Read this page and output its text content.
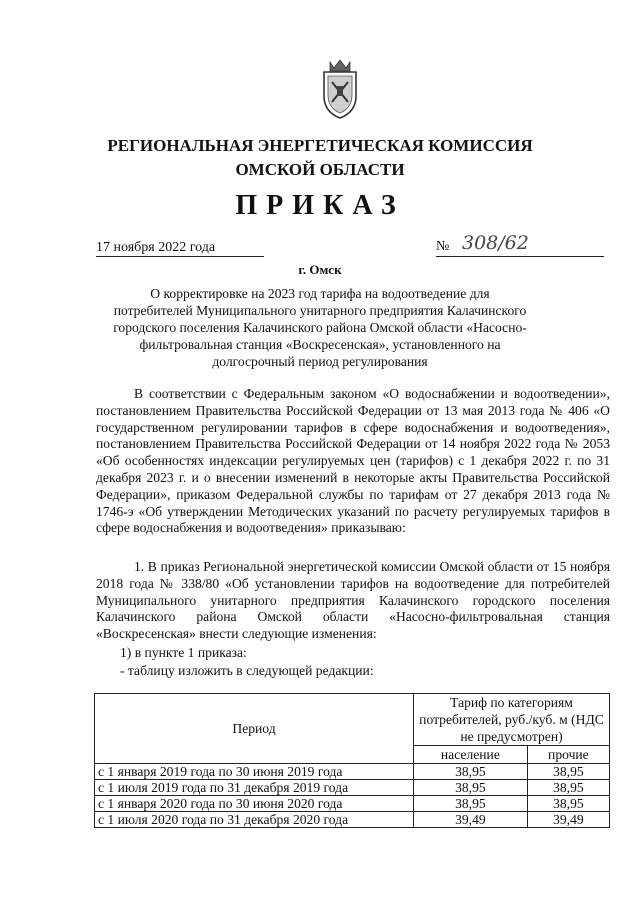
РЕГИОНАЛЬНАЯ ЭНЕРГЕТИЧЕСКАЯ КОМИССИЯ
ОМСКОЙ ОБЛАСТИ
ПРИКАЗ
17 ноября 2022 года	№ 308/62
г. Омск
О корректировке на 2023 год тарифа на водоотведение для потребителей Муниципального унитарного предприятия Калачинского городского поселения Калачинского района Омской области «Насосно-фильтровальная станция «Воскресенская», установленного на долгосрочный период регулирования
В соответствии с Федеральным законом «О водоснабжении и водоотведении», постановлением Правительства Российской Федерации от 13 мая 2013 года № 406 «О государственном регулировании тарифов в сфере водоснабжения и водоотведения», постановлением Правительства Российской Федерации от 14 ноября 2022 года № 2053 «Об особенностях индексации регулируемых цен (тарифов) с 1 декабря 2022 г. по 31 декабря 2023 г. и о внесении изменений в некоторые акты Правительства Российской Федерации», приказом Федеральной службы по тарифам от 27 декабря 2013 года № 1746-э «Об утверждении Методических указаний по расчету регулируемых тарифов в сфере водоснабжения и водоотведения» приказываю:
1. В приказ Региональной энергетической комиссии Омской области от 15 ноября 2018 года № 338/80 «Об установлении тарифов на водоотведение для потребителей Муниципального унитарного предприятия Калачинского городского поселения Калачинского района Омской области «Насосно-фильтровальная станция «Воскресенская» внести следующие изменения:
1) в пункте 1 приказа:
- таблицу изложить в следующей редакции:
Период	Тариф по категориям потребителей, руб./куб. м (НДС не предусмотрен)	
	население	прочие
с 1 января 2019 года по 30 июня 2019 года	38,95	38,95
с 1 июля 2019 года по 31 декабря 2019 года	38,95	38,95
с 1 января 2020 года по 30 июня 2020 года	38,95	38,95
с 1 июля 2020 года по 31 декабря 2020 года	39,49	39,49
